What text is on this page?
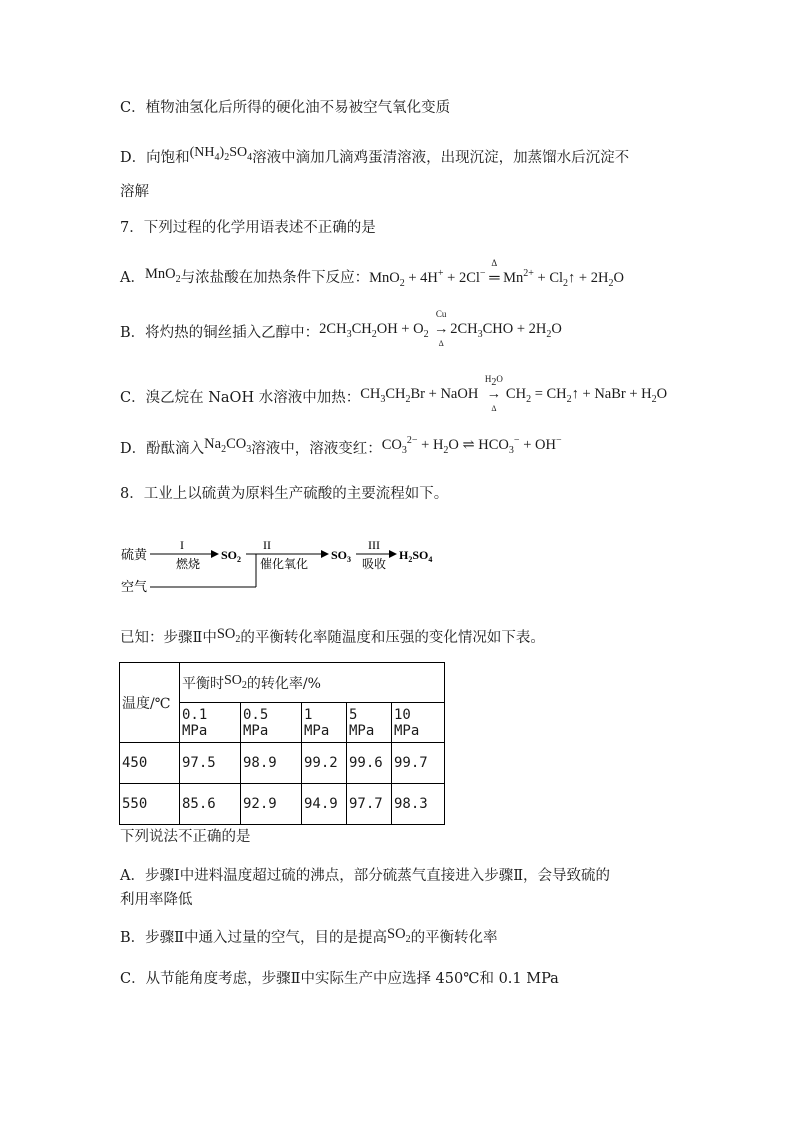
C．植物油氢化后所得的硬化油不易被空气氧化变质
D．向饱和$(NH_4)_2SO_4$溶液中滴加几滴鸡蛋清溶液，出现沉淀，加蒸馏水后沉淀不
溶解
7．下列过程的化学用语表述不正确的是
A．MnO$_2$与浓盐酸在加热条件下反应：MnO$_2$ + 4H+ + 2Cl−
Δ
═ $Mn^{2+}$ + $Cl_2↑ + 2H_2O$
B．将灼热的铜丝插入乙醇中：$2CH_3CH_2OH + O_2$
Cu
→
Δ
$2CH_3CHO + 2H_2O$
C．溴乙烷在 NaOH 水溶液中加热：$CH_3CH_2Br$ + NaOH
$H_2O$
→
Δ
$CH_2$ = $CH_2↑$ + NaBr + $H_2O$
D．酚酞滴入$Na_2CO_3$溶液中，溶液变红：$CO_3^{2-} + H_2O$ ⇌ $HCO_3^- + OH^-$
8．工业上以硫黄为原料生产硫酸的主要流程如下。
硫黄
空气
I
燃烧
$SO_2$
II
催化氧化
$SO_3$
III
吸收
$H_2SO_4$
已知：步骤Ⅱ中$SO_2$的平衡转化率随温度和压强的变化情况如下表。
温度/℃	平衡时$SO_2$的转化率/%				
	0.1 MPa	0.5 MPa	1 MPa	5 MPa	10 MPa
450	97.5	98.9	99.2	99.6	99.7
550	85.6	92.9	94.9	97.7	98.3
下列说法不正确的是
A．步骤Ⅰ中进料温度超过硫的沸点，部分硫蒸气直接进入步骤Ⅱ，会导致硫的
利用率降低
B．步骤Ⅱ中通入过量的空气，目的是提高$SO_2$的平衡转化率
C．从节能角度考虑，步骤Ⅱ中实际生产中应选择 450℃和 0.1 MPa
